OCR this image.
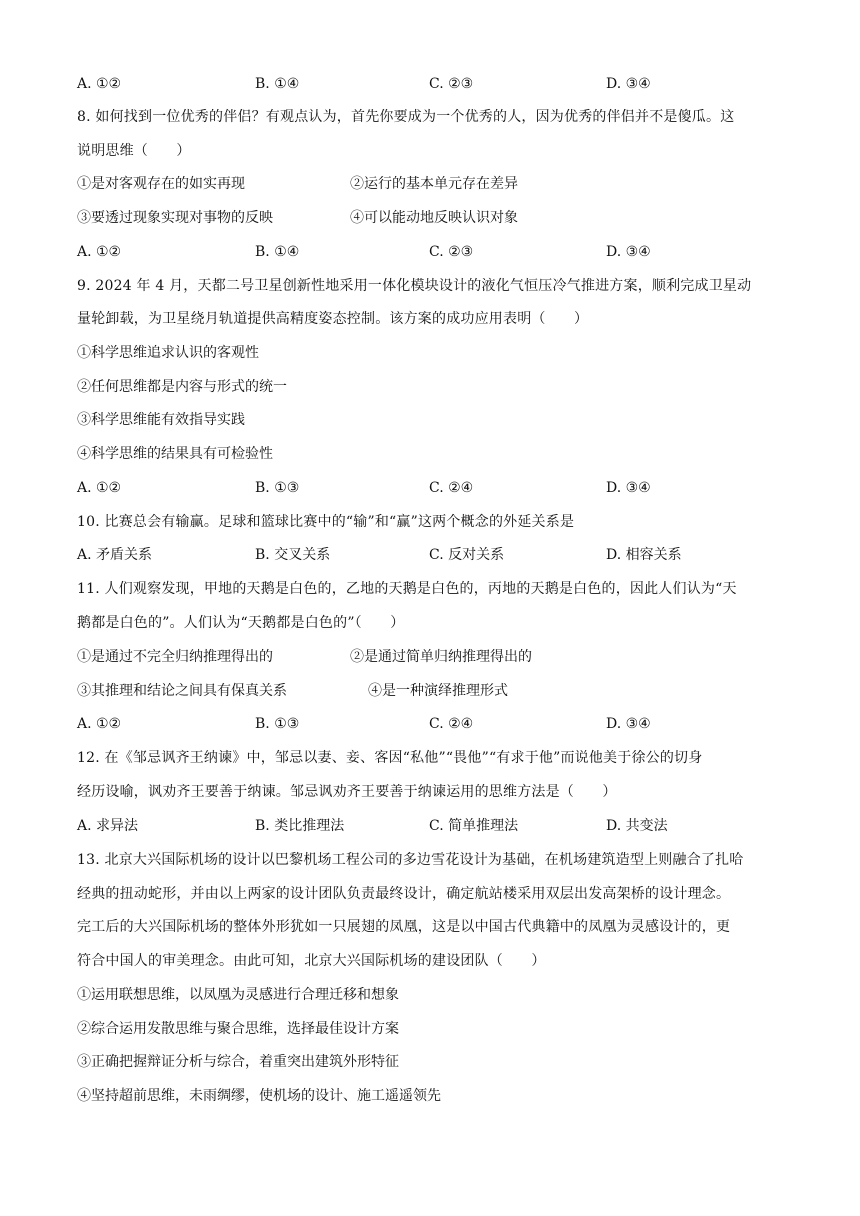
A. ①②	B. ①④	C. ②③	D. ③④
8. 如何找到一位优秀的伴侣？有观点认为，首先你要成为一个优秀的人，因为优秀的伴侣并不是傻瓜。这
说明思维（　　）
①是对客观存在的如实再现	②运行的基本单元存在差异
③要透过现象实现对事物的反映	④可以能动地反映认识对象
A. ①②	B. ①④	C. ②③	D. ③④
9. 2024 年 4 月，天都二号卫星创新性地采用一体化模块设计的液化气恒压冷气推进方案，顺利完成卫星动
量轮卸载，为卫星绕月轨道提供高精度姿态控制。该方案的成功应用表明（　　）
①科学思维追求认识的客观性
②任何思维都是内容与形式的统一
③科学思维能有效指导实践
④科学思维的结果具有可检验性
A. ①②	B. ①③	C. ②④	D. ③④
10. 比赛总会有输赢。足球和篮球比赛中的“输”和“赢”这两个概念的外延关系是
A. 矛盾关系	B. 交叉关系	C. 反对关系	D. 相容关系
11. 人们观察发现，甲地的天鹅是白色的，乙地的天鹅是白色的，丙地的天鹅是白色的，因此人们认为“天
鹅都是白色的”。人们认为“天鹅都是白色的”（　　）
①是通过不完全归纳推理得出的	②是通过简单归纳推理得出的
③其推理和结论之间具有保真关系	④是一种演绎推理形式
A. ①②	B. ①③	C. ②④	D. ③④
12. 在《邹忌讽齐王纳谏》中，邹忌以妻、妾、客因“私他”“畏他”“有求于他”而说他美于徐公的切身
经历设喻，讽劝齐王要善于纳谏。邹忌讽劝齐王要善于纳谏运用的思维方法是（　　）
A. 求异法	B. 类比推理法	C. 简单推理法	D. 共变法
13. 北京大兴国际机场的设计以巴黎机场工程公司的多边雪花设计为基础，在机场建筑造型上则融合了扎哈
经典的扭动蛇形，并由以上两家的设计团队负责最终设计，确定航站楼采用双层出发高架桥的设计理念。
完工后的大兴国际机场的整体外形犹如一只展翅的凤凰，这是以中国古代典籍中的凤凰为灵感设计的，更
符合中国人的审美理念。由此可知，北京大兴国际机场的建设团队（　　）
①运用联想思维，以凤凰为灵感进行合理迁移和想象
②综合运用发散思维与聚合思维，选择最佳设计方案
③正确把握辩证分析与综合，着重突出建筑外形特征
④坚持超前思维，未雨绸缪，使机场的设计、施工遥遥领先
